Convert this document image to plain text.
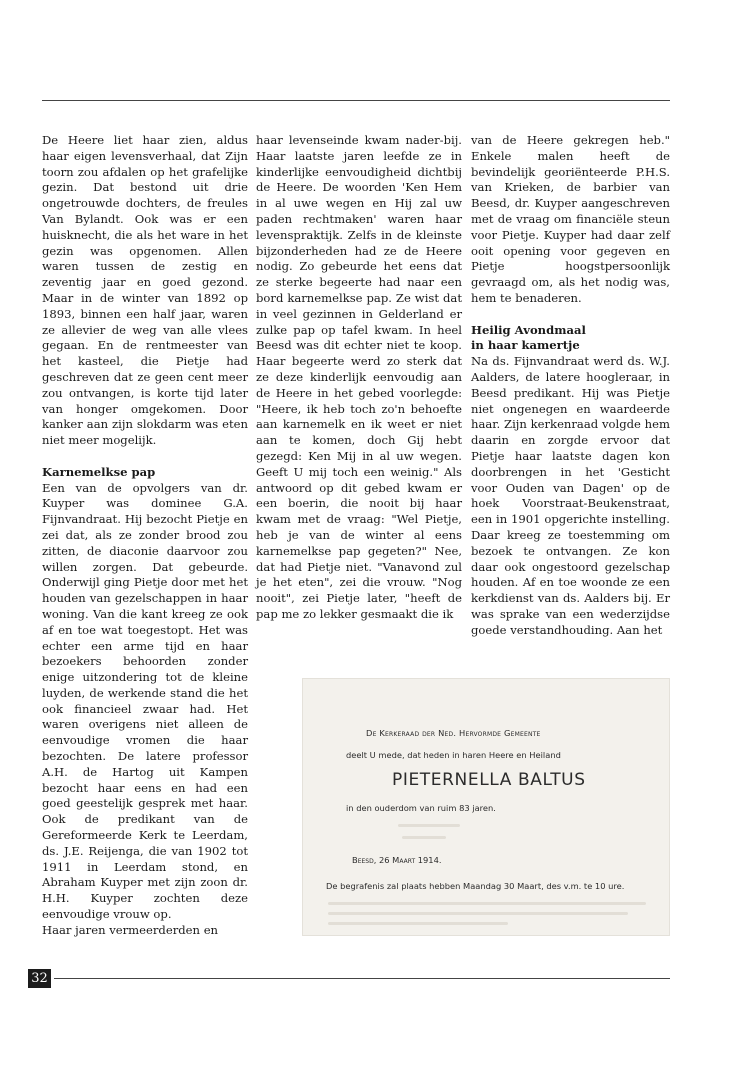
De Heere liet haar zien, aldus haar eigen levensverhaal, dat Zijn toorn zou afdalen op het grafelijke gezin. Dat bestond uit drie ongetrouwde dochters, de freules Van Bylandt. Ook was er een huisknecht, die als het ware in het gezin was opgenomen. Allen waren tussen de zestig en zeventig jaar en goed gezond. Maar in de winter van 1892 op 1893, binnen een half jaar, waren ze allevier de weg van alle vlees gegaan. En de rentmeester van het kasteel, die Pietje had geschreven dat ze geen cent meer zou ontvangen, is korte tijd later van honger omgekomen. Door kanker aan zijn slokdarm was eten niet meer mogelijk.

Karnemelkse pap

Een van de opvolgers van dr. Kuyper was dominee G.A. Fijnvandraat. Hij bezocht Pietje en zei dat, als ze zonder brood zou zitten, de diaconie daarvoor zou willen zorgen. Dat gebeurde. Onderwijl ging Pietje door met het houden van gezelschappen in haar woning. Van die kant kreeg ze ook af en toe wat toegestopt. Het was echter een arme tijd en haar bezoekers behoorden zonder enige uitzondering tot de kleine luyden, de werkende stand die het ook financieel zwaar had. Het waren overigens niet alleen de eenvoudige vromen die haar bezochten. De latere professor A.H. de Hartog uit Kampen bezocht haar eens en had een goed geestelijk gesprek met haar. Ook de predikant van de Gereformeerde Kerk te Leerdam, ds. J.E. Reijenga, die van 1902 tot 1911 in Leerdam stond, en Abraham Kuyper met zijn zoon dr. H.H. Kuyper zochten deze eenvoudige vrouw op.

Haar jaren vermeerderden en

haar levenseinde kwam nader-bij. Haar laatste jaren leefde ze in kinderlijke eenvoudigheid dichtbij de Heere. De woorden 'Ken Hem in al uwe wegen en Hij zal uw paden rechtmaken' waren haar levenspraktijk. Zelfs in de kleinste bijzonderheden had ze de Heere nodig. Zo gebeurde het eens dat ze sterke begeerte had naar een bord karnemelkse pap. Ze wist dat in veel gezinnen in Gelderland er zulke pap op tafel kwam. In heel Beesd was dit echter niet te koop. Haar begeerte werd zo sterk dat ze deze kinderlijk eenvoudig aan de Heere in het gebed voorlegde: "Heere, ik heb toch zo'n behoefte aan karnemelk en ik weet er niet aan te komen, doch Gij hebt gezegd: Ken Mij in al uw wegen. Geeft U mij toch een weinig." Als antwoord op dit gebed kwam er een boerin, die nooit bij haar kwam met de vraag: "Wel Pietje, heb je van de winter al eens karnemelkse pap gegeten?" Nee, dat had Pietje niet. "Vanavond zul je het eten", zei die vrouw. "Nog nooit", zei Pietje later, "heeft de pap me zo lekker gesmaakt die ik

van de Heere gekregen heb." Enkele malen heeft de bevindelijk georiënteerde P.H.S. van Krieken, de barbier van Beesd, dr. Kuyper aangeschreven met de vraag om financiële steun voor Pietje. Kuyper had daar zelf ooit opening voor gegeven en Pietje hoogstpersoonlijk gevraagd om, als het nodig was, hem te benaderen.

Heilig Avondmaal
in haar kamertje

Na ds. Fijnvandraat werd ds. W.J. Aalders, de latere hoogleraar, in Beesd predikant. Hij was Pietje niet ongenegen en waardeerde haar. Zijn kerkenraad volgde hem daarin en zorgde ervoor dat Pietje haar laatste dagen kon doorbrengen in het 'Gesticht voor Ouden van Dagen' op de hoek Voorstraat-Beukenstraat, een in 1901 opgerichte instelling. Daar kreeg ze toestemming om bezoek te ontvangen. Ze kon daar ook ongestoord gezelschap houden. Af en toe woonde ze een kerkdienst van ds. Aalders bij. Er was sprake van een wederzijdse goede verstandhouding. Aan het

De Kerkeraad der Ned. Hervormde Gemeente
deelt U mede, dat heden in haren Heere en Heiland
PIETERNELLA BALTUS
in den ouderdom van ruim 83 jaren.
Beesd, 26 Maart 1914.
De begrafenis zal plaats hebben Maandag 30 Maart, des v.m. te 10 ure.
32
